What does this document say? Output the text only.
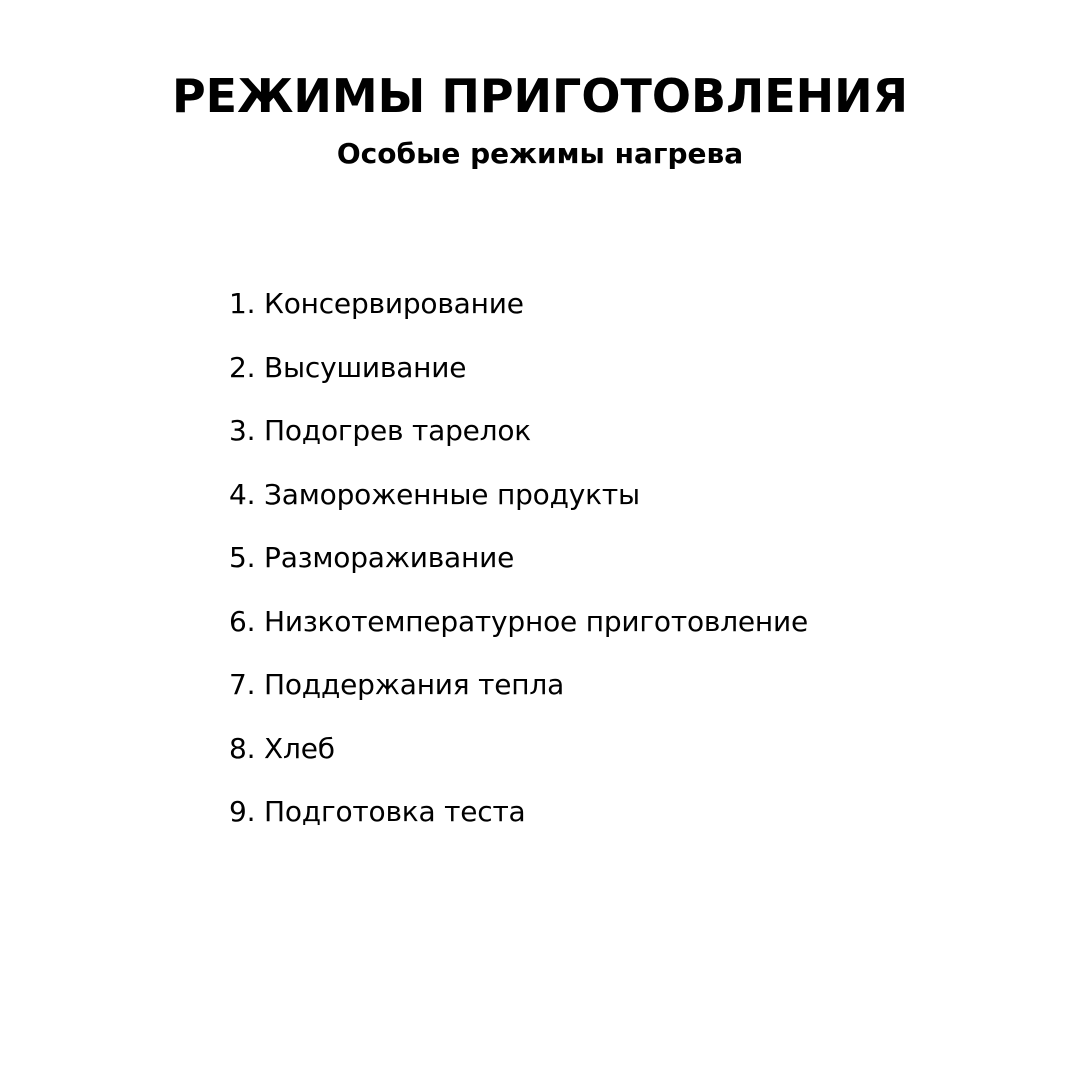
РЕЖИМЫ ПРИГОТОВЛЕНИЯ
Особые режимы нагрева
1. Консервирование
2. Высушивание
3. Подогрев тарелок
4. Замороженные продукты
5. Размораживание
6. Низкотемпературное приготовление
7. Поддержания тепла
8. Хлеб
9. Подготовка теста
